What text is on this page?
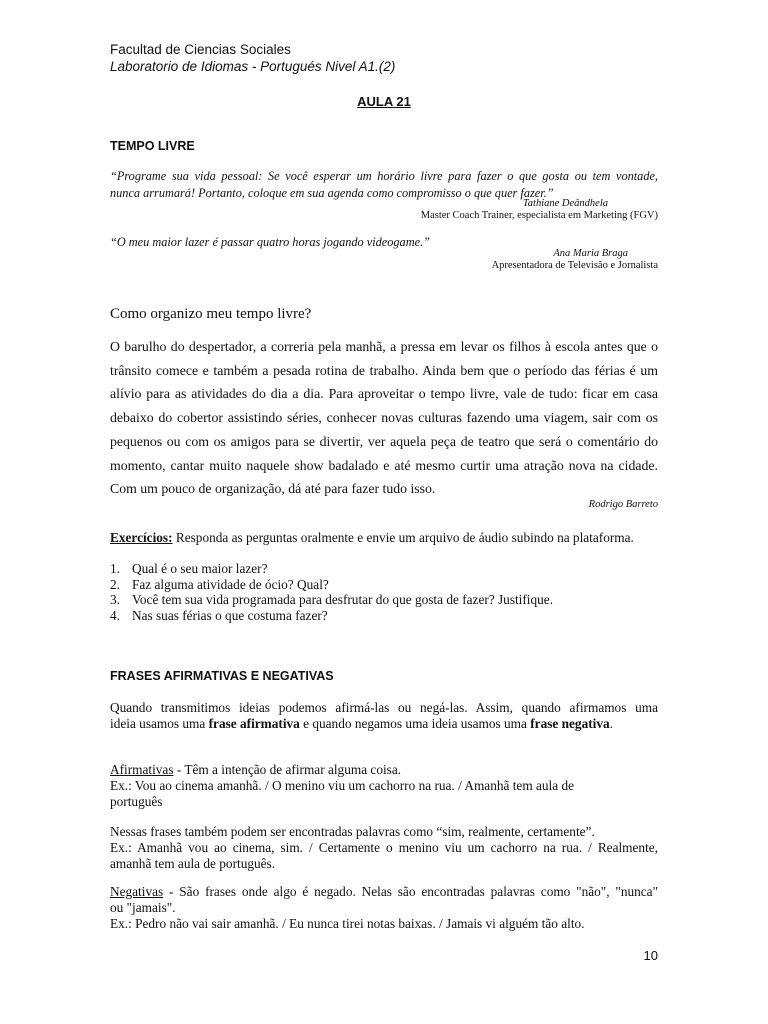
Facultad de Ciencias Sociales
Laboratorio de Idiomas - Portugués Nivel A1.(2)
AULA 21
TEMPO LIVRE
“Programe sua vida pessoal: Se você esperar um horário livre para fazer o que gosta ou tem vontade,
nunca arrumará! Portanto, coloque em sua agenda como compromisso o que quer fazer.”
Tathiane Deândhela
Master Coach Trainer, especialista em Marketing (FGV)
“O meu maior lazer é passar quatro horas jogando videogame.”
Ana Maria Braga
Apresentadora de Televisão e Jornalista
Como organizo meu tempo livre?
O barulho do despertador, a correria pela manhã, a pressa em levar os filhos à escola antes que o
trânsito comece e também a pesada rotina de trabalho. Ainda bem que o período das férias é um
alívio para as atividades do dia a dia. Para aproveitar o tempo livre, vale de tudo: ficar em casa
debaixo do cobertor assistindo séries, conhecer novas culturas fazendo uma viagem, sair com os
pequenos ou com os amigos para se divertir, ver aquela peça de teatro que será o comentário do
momento, cantar muito naquele show badalado e até mesmo curtir uma atração nova na cidade.
Com um pouco de organização, dá até para fazer tudo isso.
Rodrigo Barreto
Exercícios: Responda as perguntas oralmente e envie um arquivo de áudio subindo na plataforma.
1. Qual é o seu maior lazer?
2. Faz alguma atividade de ócio? Qual?
3. Você tem sua vida programada para desfrutar do que gosta de fazer? Justifique.
4. Nas suas férias o que costuma fazer?
FRASES AFIRMATIVAS E NEGATIVAS
Quando transmitimos ideias podemos afirmá-las ou negá-las. Assim, quando afirmamos uma
ideia usamos uma frase afirmativa e quando negamos uma ideia usamos uma frase negativa.
Afirmativas - Têm a intenção de afirmar alguma coisa.
Ex.: Vou ao cinema amanhã. / O menino viu um cachorro na rua. / Amanhã tem aula de
português
Nessas frases também podem ser encontradas palavras como “sim, realmente, certamente”.
Ex.: Amanhã vou ao cinema, sim. / Certamente o menino viu um cachorro na rua. / Realmente,
amanhã tem aula de português.
Negativas - São frases onde algo é negado. Nelas são encontradas palavras como "não", "nunca"
ou "jamais".
Ex.: Pedro não vai sair amanhã. / Eu nunca tirei notas baixas. / Jamais vi alguém tão alto.
10
